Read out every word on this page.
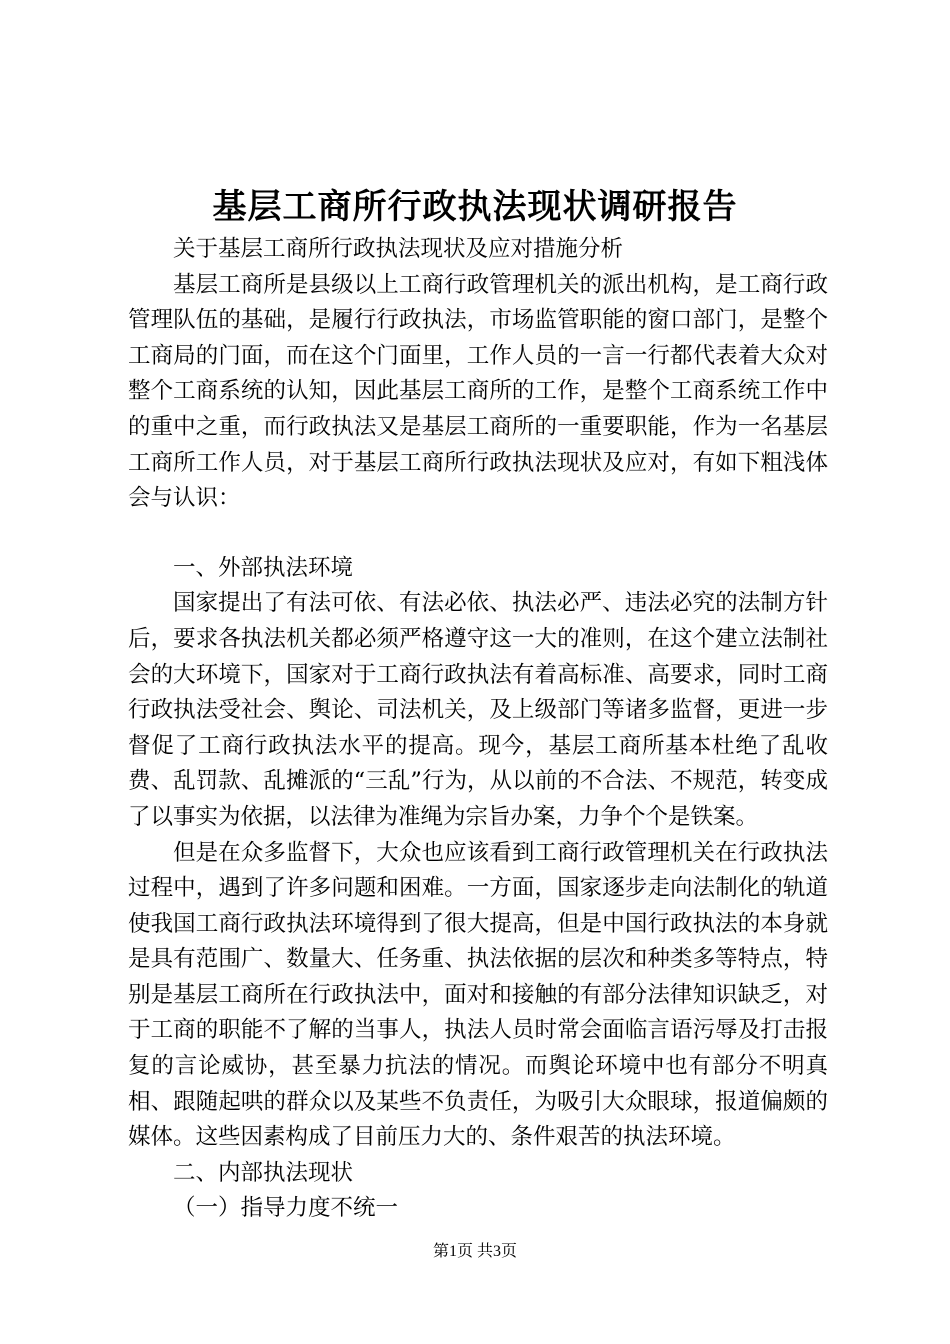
基层工商所行政执法现状调研报告

关于基层工商所行政执法现状及应对措施分析

基层工商所是县级以上工商行政管理机关的派出机构，是工商行政管理队伍的基础，是履行行政执法，市场监管职能的窗口部门，是整个工商局的门面，而在这个门面里，工作人员的一言一行都代表着大众对整个工商系统的认知，因此基层工商所的工作，是整个工商系统工作中的重中之重，而行政执法又是基层工商所的一重要职能，作为一名基层工商所工作人员，对于基层工商所行政执法现状及应对，有如下粗浅体会与认识：

一、外部执法环境

国家提出了有法可依、有法必依、执法必严、违法必究的法制方针后，要求各执法机关都必须严格遵守这一大的准则，在这个建立法制社会的大环境下，国家对于工商行政执法有着高标准、高要求，同时工商行政执法受社会、舆论、司法机关，及上级部门等诸多监督，更进一步督促了工商行政执法水平的提高。现今，基层工商所基本杜绝了乱收费、乱罚款、乱摊派的“三乱”行为，从以前的不合法、不规范，转变成了以事实为依据，以法律为准绳为宗旨办案，力争个个是铁案。

但是在众多监督下，大众也应该看到工商行政管理机关在行政执法过程中，遇到了许多问题和困难。一方面，国家逐步走向法制化的轨道使我国工商行政执法环境得到了很大提高，但是中国行政执法的本身就是具有范围广、数量大、任务重、执法依据的层次和种类多等特点，特别是基层工商所在行政执法中，面对和接触的有部分法律知识缺乏，对于工商的职能不了解的当事人，执法人员时常会面临言语污辱及打击报复的言论威协，甚至暴力抗法的情况。而舆论环境中也有部分不明真相、跟随起哄的群众以及某些不负责任，为吸引大众眼球，报道偏颇的媒体。这些因素构成了目前压力大的、条件艰苦的执法环境。

二、内部执法现状

（一）指导力度不统一

第1页 共3页
